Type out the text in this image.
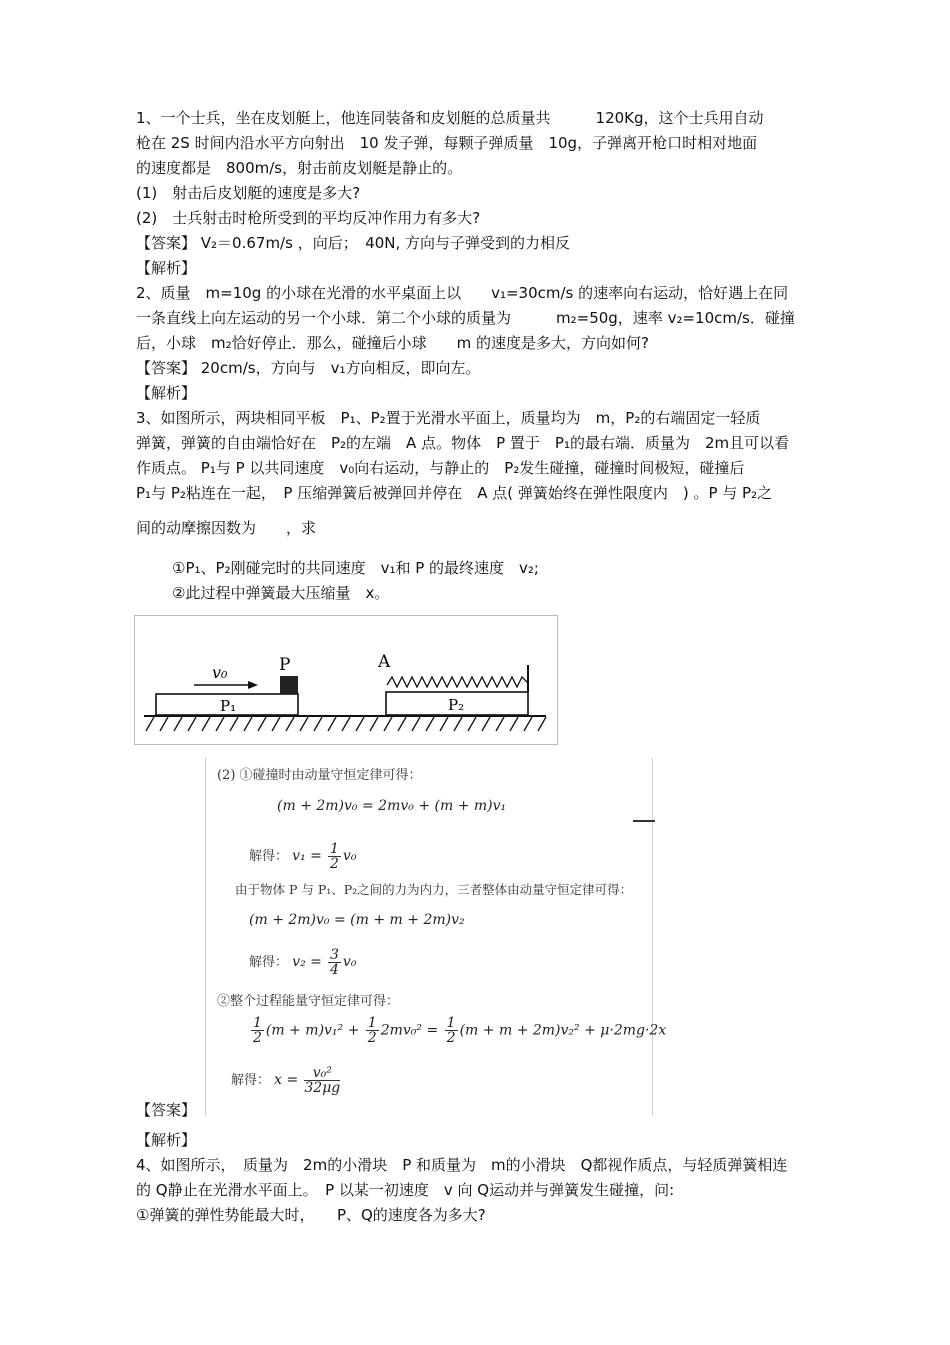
1、一个士兵，坐在皮划艇上，他连同装备和皮划艇的总质量共　　　120Kg，这个士兵用自动
枪在 2S 时间内沿水平方向射出　10 发子弹，每颗子弹质量　10g，子弹离开枪口时相对地面
的速度都是　800m/s，射击前皮划艇是静止的。
(1)　射击后皮划艇的速度是多大?
(2)　士兵射击时枪所受到的平均反冲作用力有多大?
【答案】 V₂＝0.67m/s ，向后；　40N, 方向与子弹受到的力相反
【解析】
2、质量　m=10g 的小球在光滑的水平桌面上以　　v₁=30cm/s 的速率向右运动，恰好遇上在同
一条直线上向左运动的另一个小球．第二个小球的质量为　　　m₂=50g，速率 v₂=10cm/s．碰撞
后，小球　m₂恰好停止．那么，碰撞后小球　　m 的速度是多大，方向如何?
【答案】 20cm/s，方向与　v₁方向相反，即向左。
【解析】
3、如图所示，两块相同平板　P₁、P₂置于光滑水平面上，质量均为　m，P₂的右端固定一轻质
弹簧，弹簧的自由端恰好在　P₂的左端　A 点。物体　P 置于　P₁的最右端．质量为　2m且可以看
作质点。 P₁与 P 以共同速度　v₀向右运动，与静止的　P₂发生碰撞，碰撞时间极短，碰撞后
P₁与 P₂粘连在一起，　P 压缩弹簧后被弹回并停在　A 点( 弹簧始终在弹性限度内　) 。P 与 P₂之
间的动摩擦因数为　　，求
①P₁、P₂刚碰完时的共同速度　v₁和 P 的最终速度　v₂;
②此过程中弹簧最大压缩量　x。
P₁
P
v₀
P₂
A
(2) ①碰撞时由动量守恒定律可得：
(m + 2m)v₀ = 2mv₀ + (m + m)v₁
解得： $v_1 = \frac{1}{2} v_0$
由于物体 P 与 P₁、P₂之间的力为内力，三者整体由动量守恒定律可得：
(m + 2m)v₀ = (m + m + 2m)v₂
解得： $v_2 = \frac{3}{4} v_0$
②整个过程能量守恒定律可得：
$\frac{1}{2} (m + m)v_1^2 + \frac{1}{2} 2mv_0^2 = \frac{1}{2} (m + m + 2m)v_2^2 + \mu\cdot 2mg\cdot 2x$
解得： $x = \frac{\text{v₀²}}{32\mu g}$
【答案】
【解析】
4、如图所示，　质量为　2m的小滑块　P 和质量为　m的小滑块　Q都视作质点，与轻质弹簧相连
的 Q静止在光滑水平面上。　P 以某一初速度　v 向 Q运动并与弹簧发生碰撞，问:
①弹簧的弹性势能最大时，　　P、Q的速度各为多大?
